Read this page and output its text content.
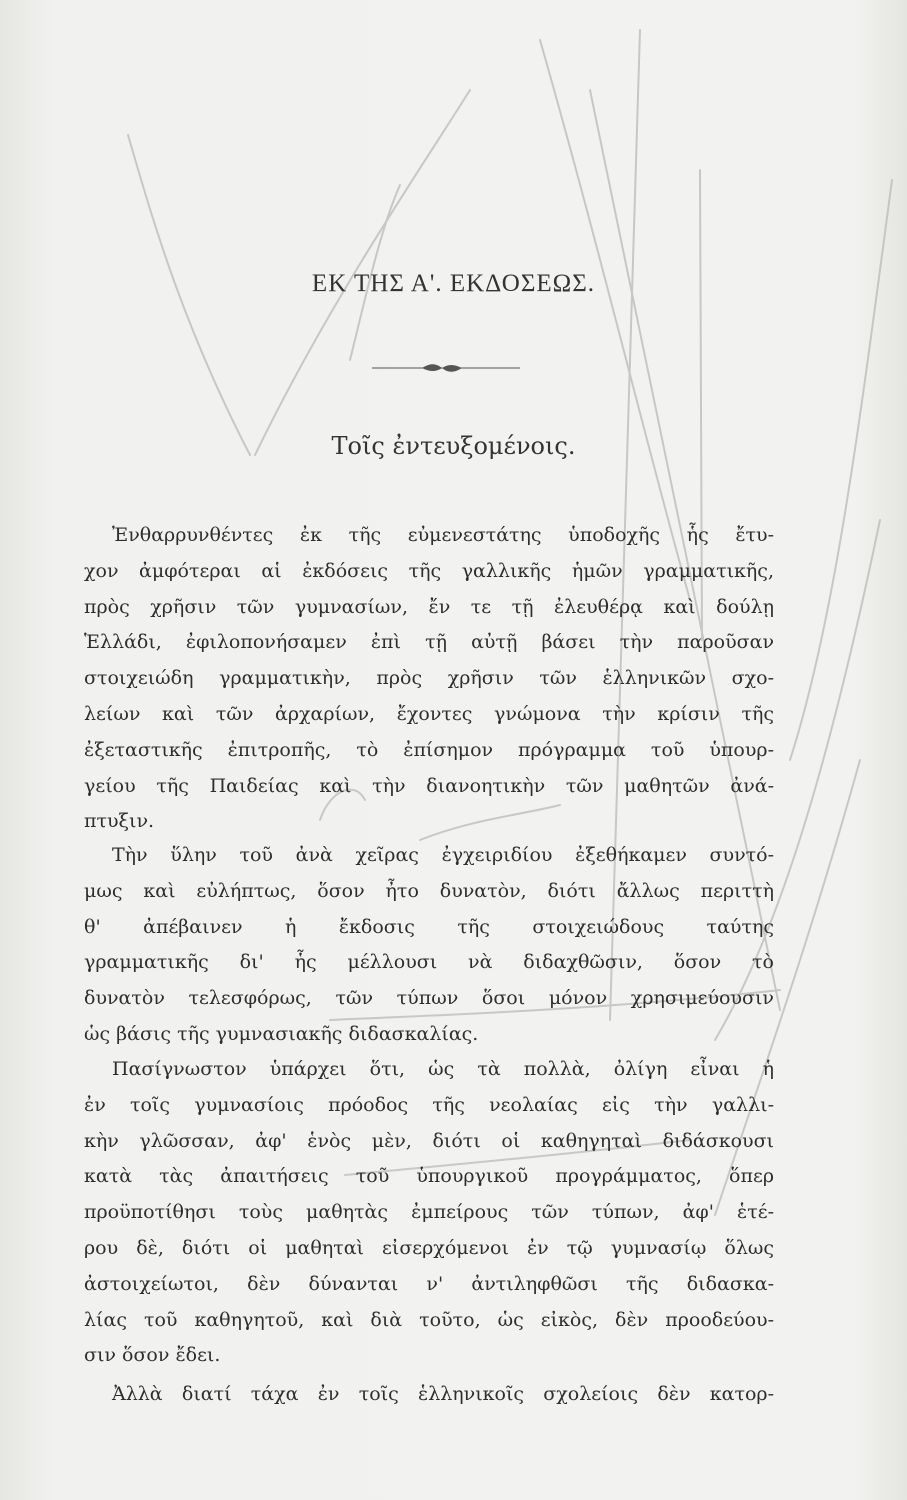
ΕΚ ΤΗΣ Α'. ΕΚΔΟΣΕΩΣ.
Τοῖς ἐντευξομένοις.
Ἐνθαρρυνθέντες ἐκ τῆς εὐμενεστάτης ὑποδοχῆς ἧς ἔτυ-
χον ἀμφότεραι αἱ ἐκδόσεις τῆς γαλλικῆς ἡμῶν γραμματικῆς,
πρὸς χρῆσιν τῶν γυμνασίων, ἔν τε τῇ ἐλευθέρᾳ καὶ δούλῃ
Ἑλλάδι, ἐφιλοπονήσαμεν ἐπὶ τῇ αὐτῇ βάσει τὴν παροῦσαν
στοιχειώδη γραμματικὴν, πρὸς χρῆσιν τῶν ἑλληνικῶν σχο-
λείων καὶ τῶν ἀρχαρίων, ἔχοντες γνώμονα τὴν κρίσιν τῆς
ἐξεταστικῆς ἐπιτροπῆς, τὸ ἐπίσημον πρόγραμμα τοῦ ὑπουρ-
γείου τῆς Παιδείας καὶ τὴν διανοητικὴν τῶν μαθητῶν ἀνά-
πτυξιν.
Τὴν ὕλην τοῦ ἀνὰ χεῖρας ἐγχειριδίου ἐξεθήκαμεν συντό-
μως καὶ εὐλήπτως, ὅσον ἦτο δυνατὸν, διότι ἄλλως περιττὴ
θ' ἀπέβαινεν ἡ ἔκδοσις τῆς στοιχειώδους ταύτης
γραμματικῆς δι' ἧς μέλλουσι νὰ διδαχθῶσιν, ὅσον τὸ
δυνατὸν τελεσφόρως, τῶν τύπων ὅσοι μόνον χρησιμεύουσιν
ὡς βάσις τῆς γυμνασιακῆς διδασκαλίας.
Πασίγνωστον ὑπάρχει ὅτι, ὡς τὰ πολλὰ, ὀλίγη εἶναι ἡ
ἐν τοῖς γυμνασίοις πρόοδος τῆς νεολαίας εἰς τὴν γαλλι-
κὴν γλῶσσαν, ἀφ' ἑνὸς μὲν, διότι οἱ καθηγηταὶ διδάσκουσι
κατὰ τὰς ἀπαιτήσεις τοῦ ὑπουργικοῦ προγράμματος, ὅπερ
προϋποτίθησι τοὺς μαθητὰς ἐμπείρους τῶν τύπων, ἀφ' ἑτέ-
ρου δὲ, διότι οἱ μαθηταὶ εἰσερχόμενοι ἐν τῷ γυμνασίῳ ὅλως
ἀστοιχείωτοι, δὲν δύνανται ν' ἀντιληφθῶσι τῆς διδασκα-
λίας τοῦ καθηγητοῦ, καὶ διὰ τοῦτο, ὡς εἰκὸς, δὲν προοδεύου-
σιν ὅσον ἔδει.
Ἀλλὰ διατί τάχα ἐν τοῖς ἑλληνικοῖς σχολείοις δὲν κατορ-
